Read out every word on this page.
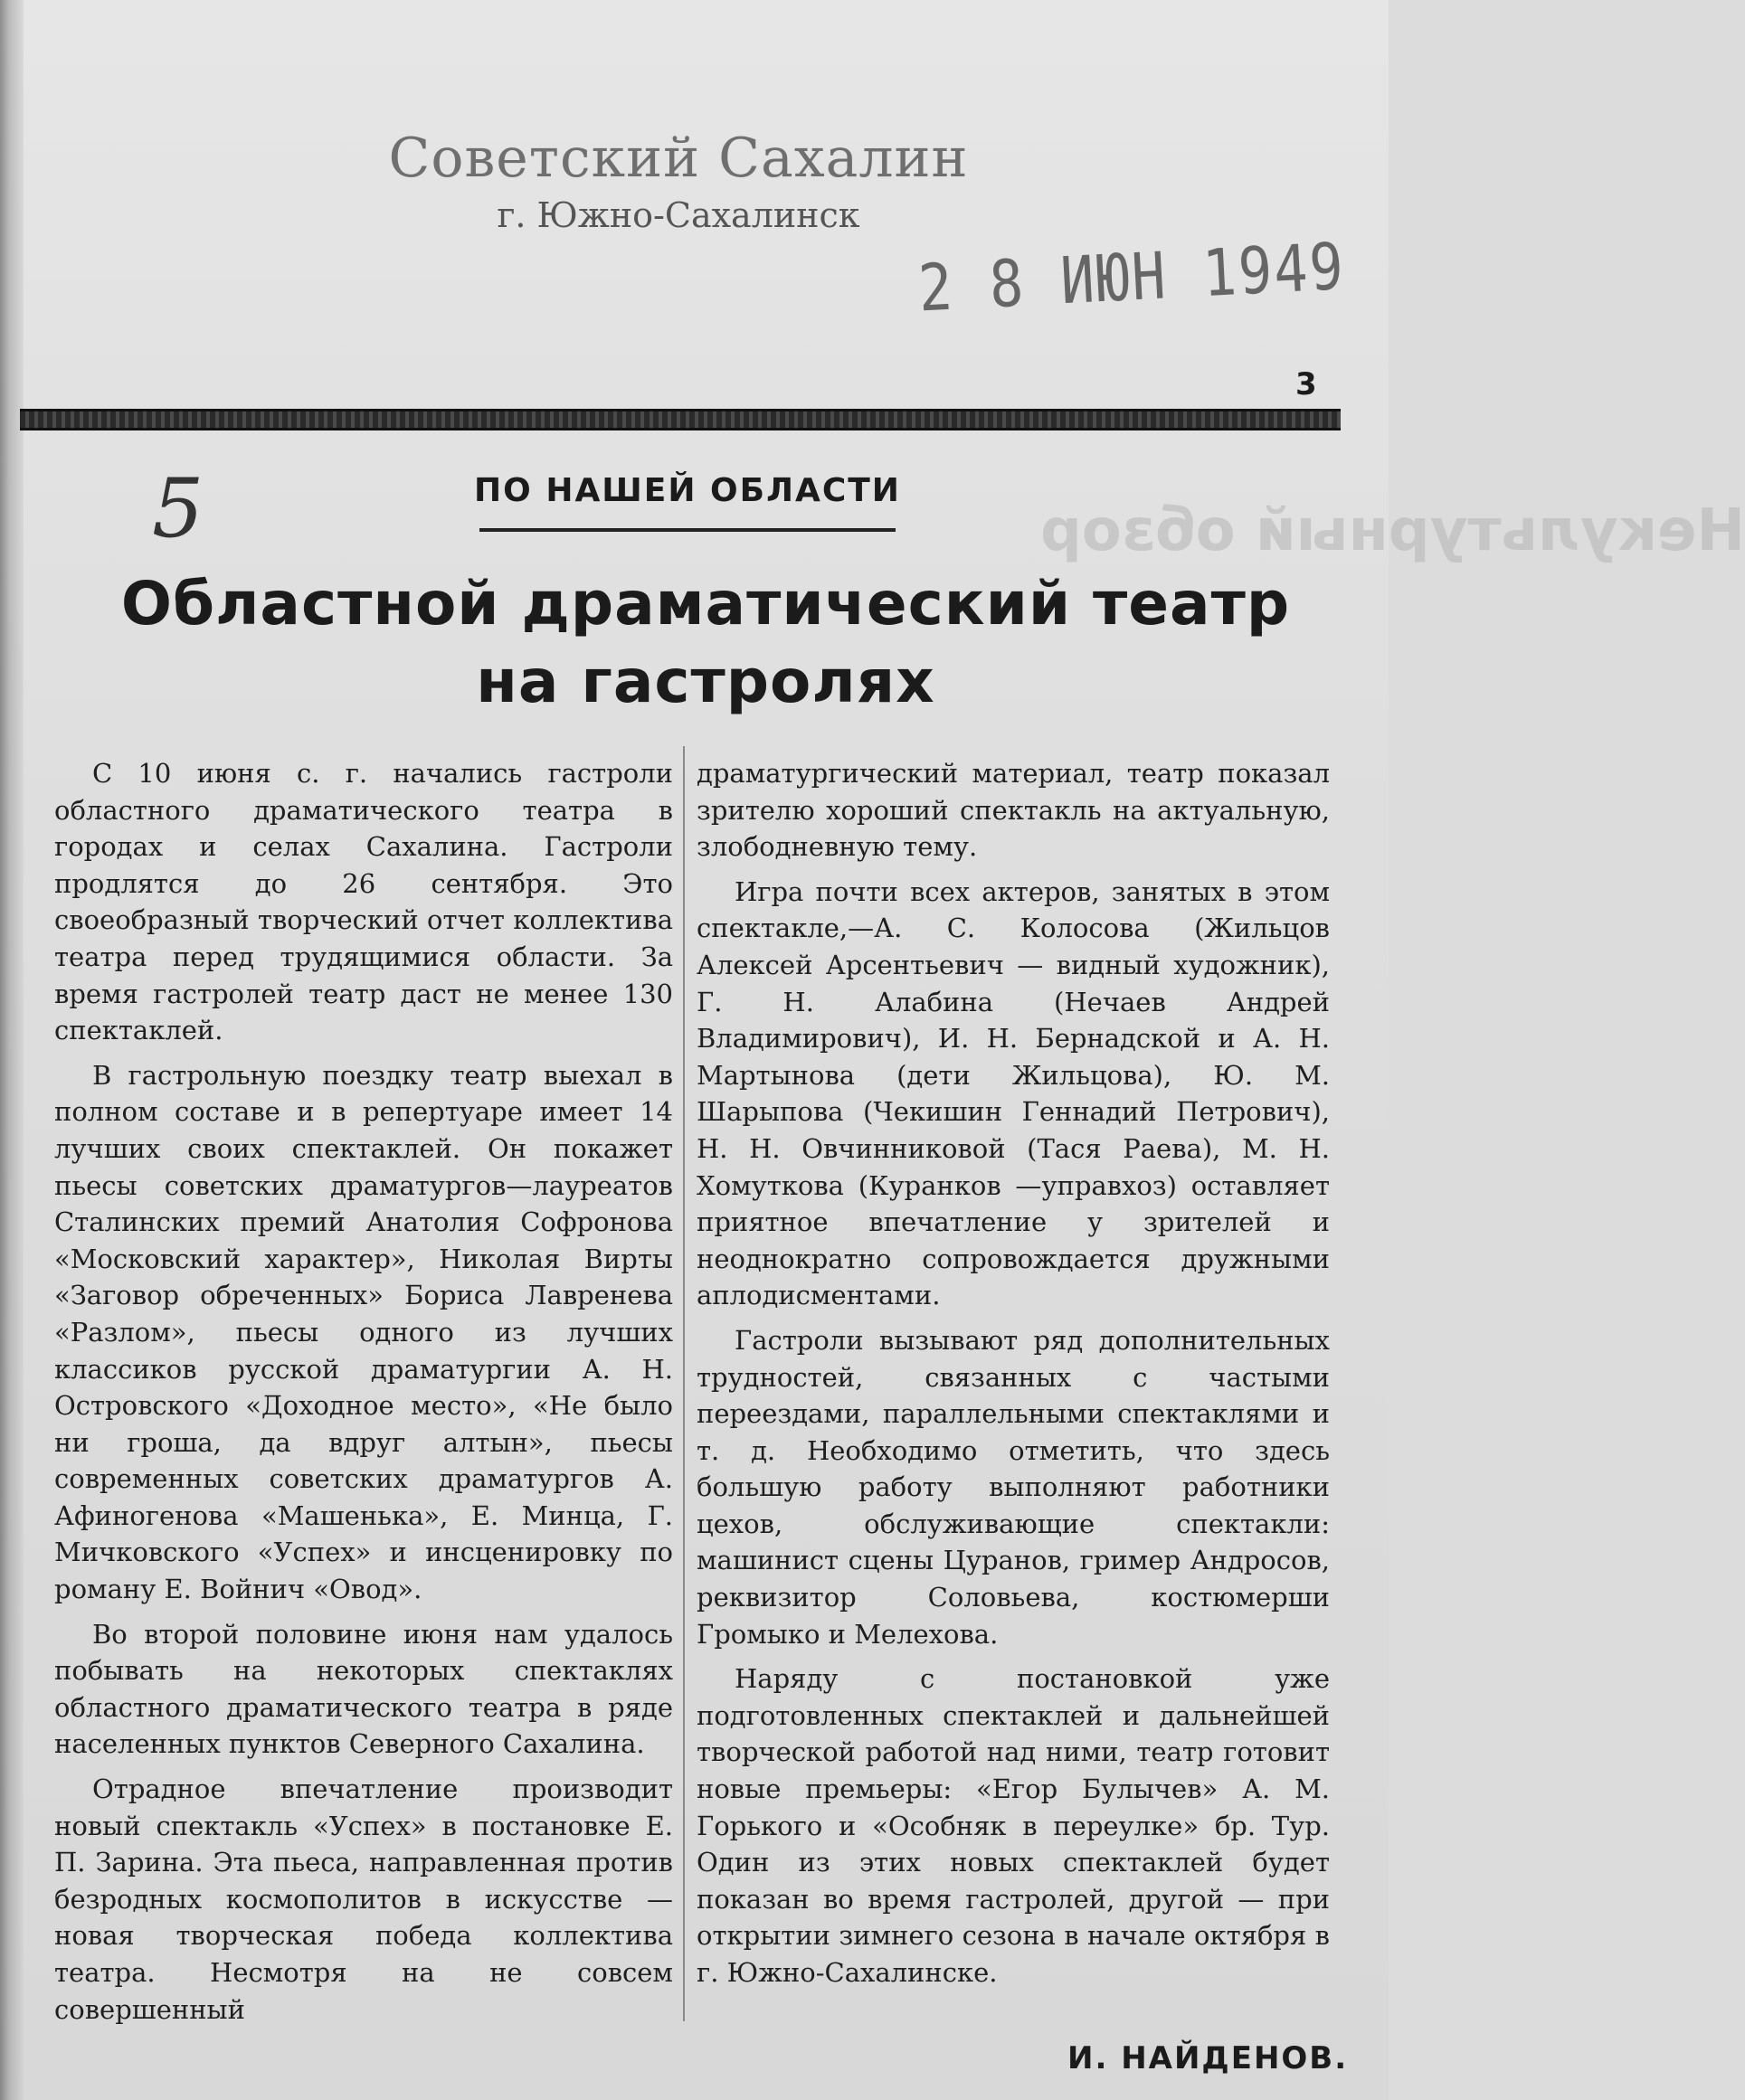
Советский Сахалин
г. Южно-Сахалинск
2 8 ИЮН 1949
3
5	Некультурный обзор
ПО НАШЕЙ ОБЛАСТИ
Областной драматический театр на гастролях

С 10 июня с. г. начались гастроли областного драматического театра в городах и селах Сахалина. Гастроли продлятся до 26 сентября. Это своеобразный творческий отчет коллектива театра перед трудящимися области. За время гастролей театр даст не менее 130 спектаклей.

В гастрольную поездку театр выехал в полном составе и в репертуаре имеет 14 лучших своих спектаклей. Он покажет пьесы советских драматургов—лауреатов Сталинских премий Анатолия Софронова «Московский характер», Николая Вирты «Заговор обреченных» Бориса Лавренева «Разлом», пьесы одного из лучших классиков русской драматургии А. Н. Островского «Доходное место», «Не было ни гроша, да вдруг алтын», пьесы современных советских драматургов А. Афиногенова «Машенька», Е. Минца, Г. Мичковского «Успех» и инсценировку по роману Е. Войнич «Овод».

Во второй половине июня нам удалось побывать на некоторых спектаклях областного драматического театра в ряде населенных пунктов Северного Сахалина.

Отрадное впечатление производит новый спектакль «Успех» в постановке Е. П. Зарина. Эта пьеса, направленная против безродных космополитов в искусстве — новая творческая победа коллектива театра. Несмотря на не совсем совершенный

драматургический материал, театр показал зрителю хороший спектакль на актуальную, злободневную тему.

Игра почти всех актеров, занятых в этом спектакле,—А. С. Колосова (Жильцов Алексей Арсентьевич — видный художник), Г. Н. Алабина (Нечаев Андрей Владимирович), И. Н. Бернадской и А. Н. Мартынова (дети Жильцова), Ю. М. Шарыпова (Чекишин Геннадий Петрович), Н. Н. Овчинниковой (Тася Раева), М. Н. Хомуткова (Куранков —управхоз) оставляет приятное впечатление у зрителей и неоднократно сопровождается дружными аплодисментами.

Гастроли вызывают ряд дополнительных трудностей, связанных с частыми переездами, параллельными спектаклями и т. д. Необходимо отметить, что здесь большую работу выполняют работники цехов, обслуживающие спектакли: машинист сцены Цуранов, гример Андросов, реквизитор Соловьева, костюмерши Громыко и Мелехова.

Наряду с постановкой уже подготовленных спектаклей и дальнейшей творческой работой над ними, театр готовит новые премьеры: «Егор Булычев» А. М. Горького и «Особняк в переулке» бр. Тур. Один из этих новых спектаклей будет показан во время гастролей, другой — при открытии зимнего сезона в начале октября в г. Южно-Сахалинске.

И. НАЙДЕНОВ.
